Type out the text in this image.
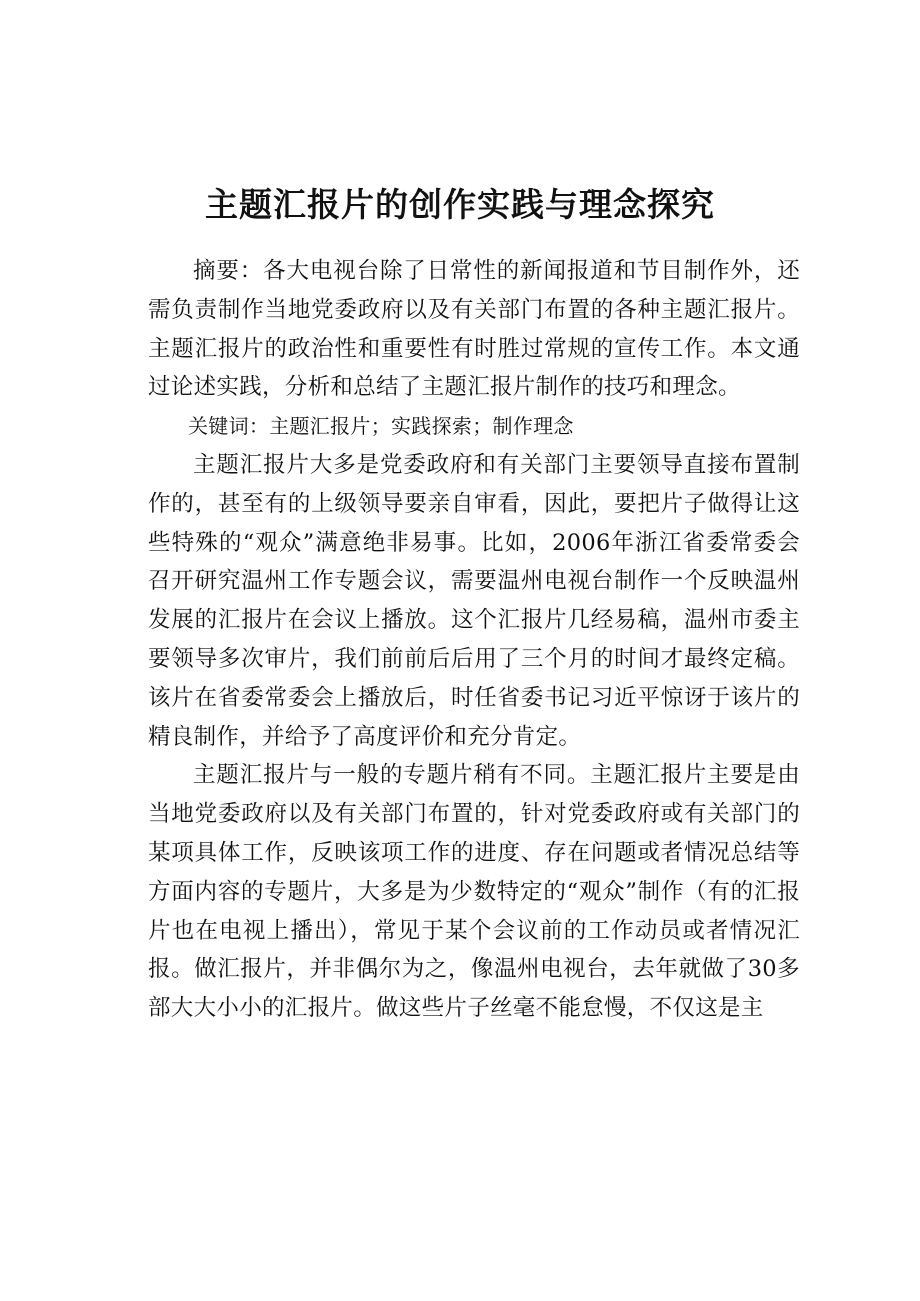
主题汇报片的创作实践与理念探究

摘要：各大电视台除了日常性的新闻报道和节目制作外，还需负责制作当地党委政府以及有关部门布置的各种主题汇报片。主题汇报片的政治性和重要性有时胜过常规的宣传工作。本文通过论述实践，分析和总结了主题汇报片制作的技巧和理念。

关键词：主题汇报片；实践探索；制作理念

主题汇报片大多是党委政府和有关部门主要领导直接布置制作的，甚至有的上级领导要亲自审看，因此，要把片子做得让这些特殊的“观众”满意绝非易事。比如，2006年浙江省委常委会召开研究温州工作专题会议，需要温州电视台制作一个反映温州发展的汇报片在会议上播放。这个汇报片几经易稿，温州市委主要领导多次审片，我们前前后后用了三个月的时间才最终定稿。该片在省委常委会上播放后，时任省委书记习近平惊讶于该片的精良制作，并给予了高度评价和充分肯定。

主题汇报片与一般的专题片稍有不同。主题汇报片主要是由当地党委政府以及有关部门布置的，针对党委政府或有关部门的某项具体工作，反映该项工作的进度、存在问题或者情况总结等方面内容的专题片，大多是为少数特定的“观众”制作（有的汇报片也在电视上播出），常见于某个会议前的工作动员或者情况汇报。做汇报片，并非偶尔为之，像温州电视台，去年就做了30多部大大小小的汇报片。做这些片子丝毫不能怠慢，不仅这是主
